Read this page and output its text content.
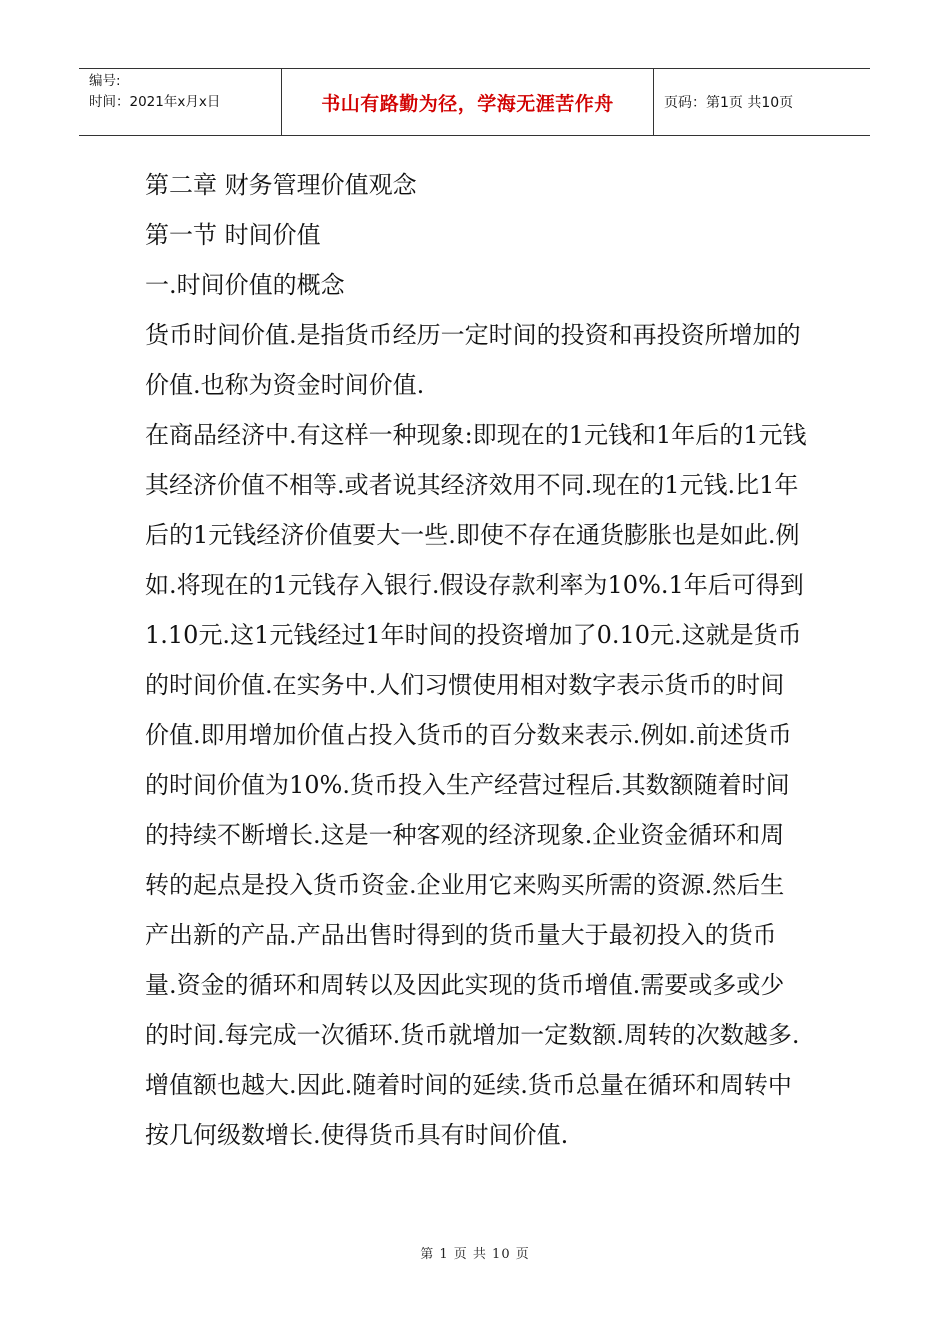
编号:
时间：2021年x月x日	书山有路勤为径，学海无涯苦作舟	页码：第1页 共10页

第二章 财务管理价值观念

第一节 时间价值

一.时间价值的概念

货币时间价值.是指货币经历一定时间的投资和再投资所增加的价值.也称为资金时间价值.

在商品经济中.有这样一种现象:即现在的1元钱和1年后的1元钱其经济价值不相等.或者说其经济效用不同.现在的1元钱.比1年后的1元钱经济价值要大一些.即使不存在通货膨胀也是如此.例如.将现在的1元钱存入银行.假设存款利率为10%.1年后可得到1.10元.这1元钱经过1年时间的投资增加了0.10元.这就是货币的时间价值.在实务中.人们习惯使用相对数字表示货币的时间价值.即用增加价值占投入货币的百分数来表示.例如.前述货币的时间价值为10%.货币投入生产经营过程后.其数额随着时间的持续不断增长.这是一种客观的经济现象.企业资金循环和周转的起点是投入货币资金.企业用它来购买所需的资源.然后生产出新的产品.产品出售时得到的货币量大于最初投入的货币量.资金的循环和周转以及因此实现的货币增值.需要或多或少的时间.每完成一次循环.货币就增加一定数额.周转的次数越多.增值额也越大.因此.随着时间的延续.货币总量在循环和周转中按几何级数增长.使得货币具有时间价值.

第 1 页 共 10 页
